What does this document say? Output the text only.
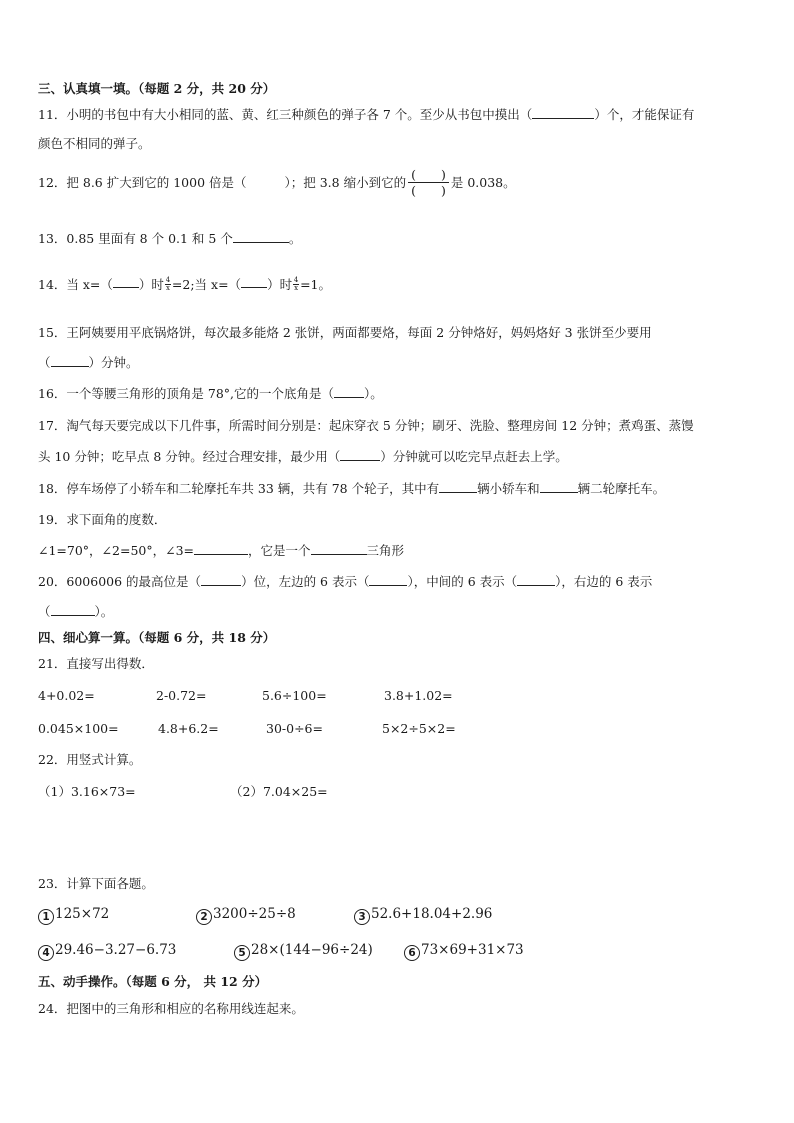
三、认真填一填。（每题 2 分，共 20 分）
11．小明的书包中有大小相同的蓝、黄、红三种颜色的弹子各 7 个。至少从书包中摸出（	）个，才能保证有
颜色不相同的弹子。
12．把 8.6 扩大到它的 1000 倍是（	）；把 3.8 缩小到它的 $\frac{( )}{( )}$ 是 0.038。
13．0.85 里面有 8 个 0.1 和 5 个	。
14．当 x=（ ）时$\frac{4}{x}=2$;当 x=（ ）时$\frac{4}{x}=1$。
15．王阿姨要用平底锅烙饼，每次最多能烙 2 张饼，两面都要烙，每面 2 分钟烙好，妈妈烙好 3 张饼至少要用
（	）分钟。
16．一个等腰三角形的顶角是 78°,它的一个底角是（ ）。
17．淘气每天要完成以下几件事，所需时间分别是：起床穿衣 5 分钟；刷牙、洗脸、整理房间 12 分钟；煮鸡蛋、蒸馒
头 10 分钟；吃早点 8 分钟。经过合理安排，最少用（	）分钟就可以吃完早点赶去上学。
18．停车场停了小轿车和二轮摩托车共 33 辆，共有 78 个轮子，其中有	辆小轿车和	辆二轮摩托车。
19．求下面角的度数．
∠1=70°，∠2=50°，∠3=	，它是一个	三角形
20．6006006 的最高位是（	）位，左边的 6 表示（	），中间的 6 表示（	），右边的 6 表示
（	）。
四、细心算一算。（每题 6 分，共 18 分）
21．直接写出得数．
4+0.02=	2-0.72=	5.6÷100=	3.8+1.02=
0.045×100=	4.8+6.2=	30-0÷6=	5×2÷5×2=
22．用竖式计算。
（1）3.16×73=	（2）7.04×25=
23．计算下面各题。
1 125×72	2 3200÷25÷8	3 52.6+18.04+2.96
4 29.46−3.27−6.73	5 28×(144−96÷24)	6 73×69+31×73
五、动手操作。（每题 6 分， 共 12 分）
24．把图中的三角形和相应的名称用线连起来。
